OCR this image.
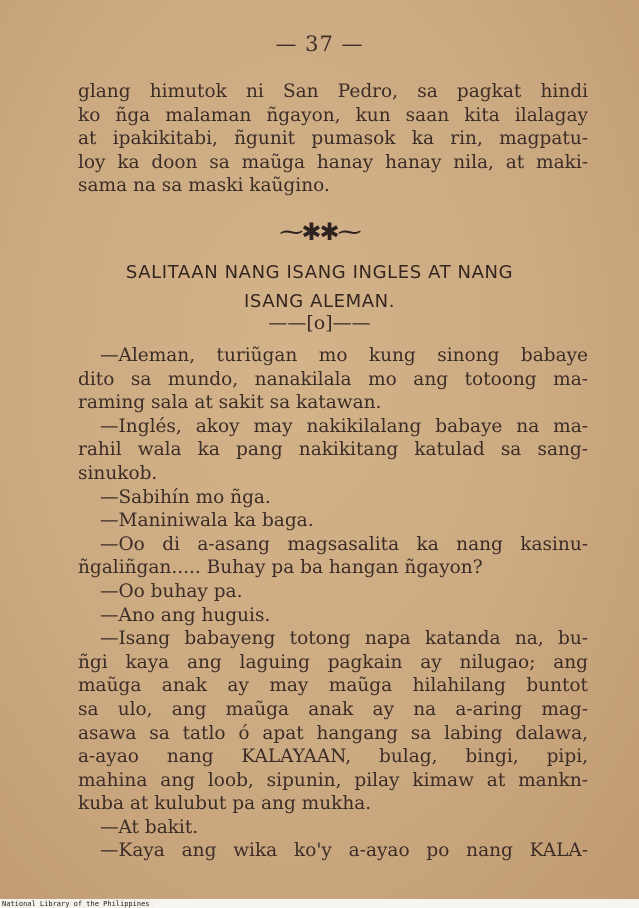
— 37 —
glang himutok ni San Pedro, sa pagkat hindi
ko ñga malaman ñgayon, kun saan kita ilalagay
at ipakikitabi, ñgunit pumasok ka rin, magpatu-
loy ka doon sa maũga hanay hanay nila, at maki-
sama na sa maski kaũgino.
⁓✱✱⁓
SALITAAN NANG ISANG INGLES AT NANG
ISANG ALEMAN.
——[o]——
—Aleman, turiũgan mo kung sinong babaye
dito sa mundo, nanakilala mo ang totoong ma-
raming sala at sakit sa katawan.
—Inglés, akoy may nakikilalang babaye na ma-
rahil wala ka pang nakikitang katulad sa sang-
sinukob.
—Sabihín mo ñga.
—Maniniwala ka baga.
—Oo di a-asang magsasalita ka nang kasinu-
ñgaliñgan..... Buhay pa ba hangan ñgayon?
—Oo buhay pa.
—Ano ang huguis.
—Isang babayeng totong napa katanda na, bu-
ñgi kaya ang laguing pagkain ay nilugao; ang
maũga anak ay may maũga hilahilang buntot
sa ulo, ang maũga anak ay na a-aring mag-
asawa sa tatlo ó apat hangang sa labing dalawa,
a-ayao nang KALAYAAN, bulag, bingi, pipi,
mahina ang loob, sipunin, pilay kimaw at mankn-
kuba at kulubut pa ang mukha.
—At bakit.
—Kaya ang wika ko'y a-ayao po nang KALA-
National Library of the Philippines
